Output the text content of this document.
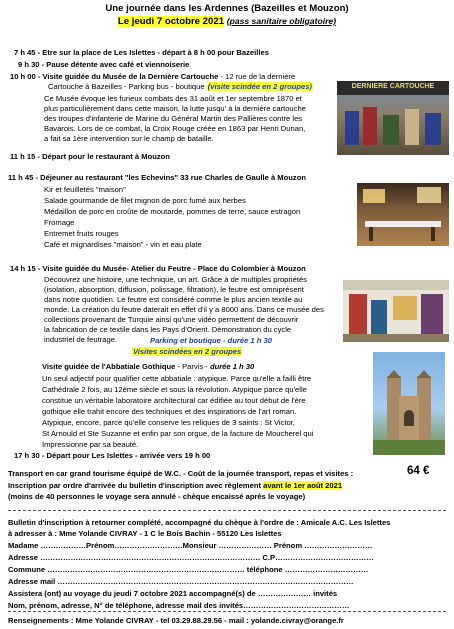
Une journée dans les Ardennes (Bazeilles et Mouzon)
Le jeudi 7 octobre 2021 (pass sanitaire obligatoire)
7 h 45 - Etre sur la place de Les Islettes - départ à 8 h 00 pour Bazeilles
9 h 30 - Pause détente avec café et viennoiserie
10 h 00 - Visite guidée du Musée de la Dernière Cartouche - 12 rue de la dernière
Cartouche à Bazeilles - Parking bus - boutique (visite scindée en 2 groupes)
Ce Musée évoque les furieux combats des 31 août et 1er septembre 1870 et
plus particulièrement dans cette maison, la lutte jusqu' à la dernière cartouche
des troupes d'infanterie de Marine du Général Martin des Pallières contre les
Bavarois. Lors de ce combat, la Croix Rouge créée en 1863 par Henri Dunan,
a fait sa 1ère intervention sur le champ de bataille.
DERNIERE CARTOUCHE
11 h 15 - Départ pour le restaurant à Mouzon
11 h 45 - Déjeuner au restaurant "les Echevins" 33 rue Charles de Gaulle à Mouzon
Kir et feuilletés "maison"
Salade gourmande de filet mignon de porc fumé aux herbes
Médaillon de porc en croûte de moutarde, pommes de terre, sauce estragon
Fromage
Entremet fruits rouges
Café et mignardises "maison" - vin et eau plate
14 h 15 - Visite guidée du Musée- Atelier du Feutre - Place du Colombier à Mouzon
Découvrez une histoire, une technique, un art. Grâce à de multiples propriétés
(isolation, absorption, diffusion, polissage, filtration), le feutre est omniprésent
dans notre quotidien. Le feutre est considéré comme le plus ancien textile au
monde. La création du feutre daterait en effet d'il y a 8000 ans. Dans ce musée des
collections provenant de Turquie ainsi qu'une vidéo permettent de découvrir
la fabrication de ce textile dans les Pays d'Orient. Démonstration du cycle
industriel de feutrage.	Parking et boutique - durée 1 h 30
Visites scindées en 2 groupes
Visite guidée de l'Abbatiale Gothique - Parvis - durée 1 h 30
Un seul adjectif pour qualifier cette abbatiale : atypique. Parce qu'elle a failli être
Cathédrale 2 fois, au 12ème siècle et sous la révolution. Atypique parce qu'elle
constitue un véritable laboratoire architectural car édifiée au tout début de l'ère
gothique elle trahit encore des techniques et des inspirations de l'art roman.
Atypique, encore, parce qu'elle conserve les reliques de 3 saints : St Victor,
St Arnould et Ste Suzanne et enfin par son orgue, de la facture de Moucherel qui
Impressionne par sa beauté.
17 h 30 - Départ pour Les Islettes - arrivée vers 19 h 00
Transport en car grand tourisme équipé de W.C. - Coût de la journée transport, repas et visites :	64 €
Inscription par ordre d'arrivée du bulletin d'inscription avec règlement avant le 1er août 2021
(moins de 40 personnes le voyage sera annulé - chèque encaissé après le voyage)
Bulletin d'inscription à retourner complété, accompagné du chèque à l'ordre de : Amicale A.C. Les Islettes
à adresser à : Mme Yolande CIVRAY - 1 C le Bois Bachin - 55120 Les Islettes
Madame ………………Prénom………………………Monsieur ………………… Prénom ………………………
Adresse …………………………………………………………………………… C.P…………………………………
Commune …………………………………………………………………… téléphone ……………………………
Adresse mail ………………………………………………………………………………………………………
Assistera (ont) au voyage du jeudi 7 octobre 2021 accompagné(s) de ………………… invités
Nom, prénom, adresse, N° de téléphone, adresse mail des invités……………………………………
Renseignements : Mme Yolande CIVRAY - tel 03.29.88.29.56 - mail : yolande.civray@orange.fr
